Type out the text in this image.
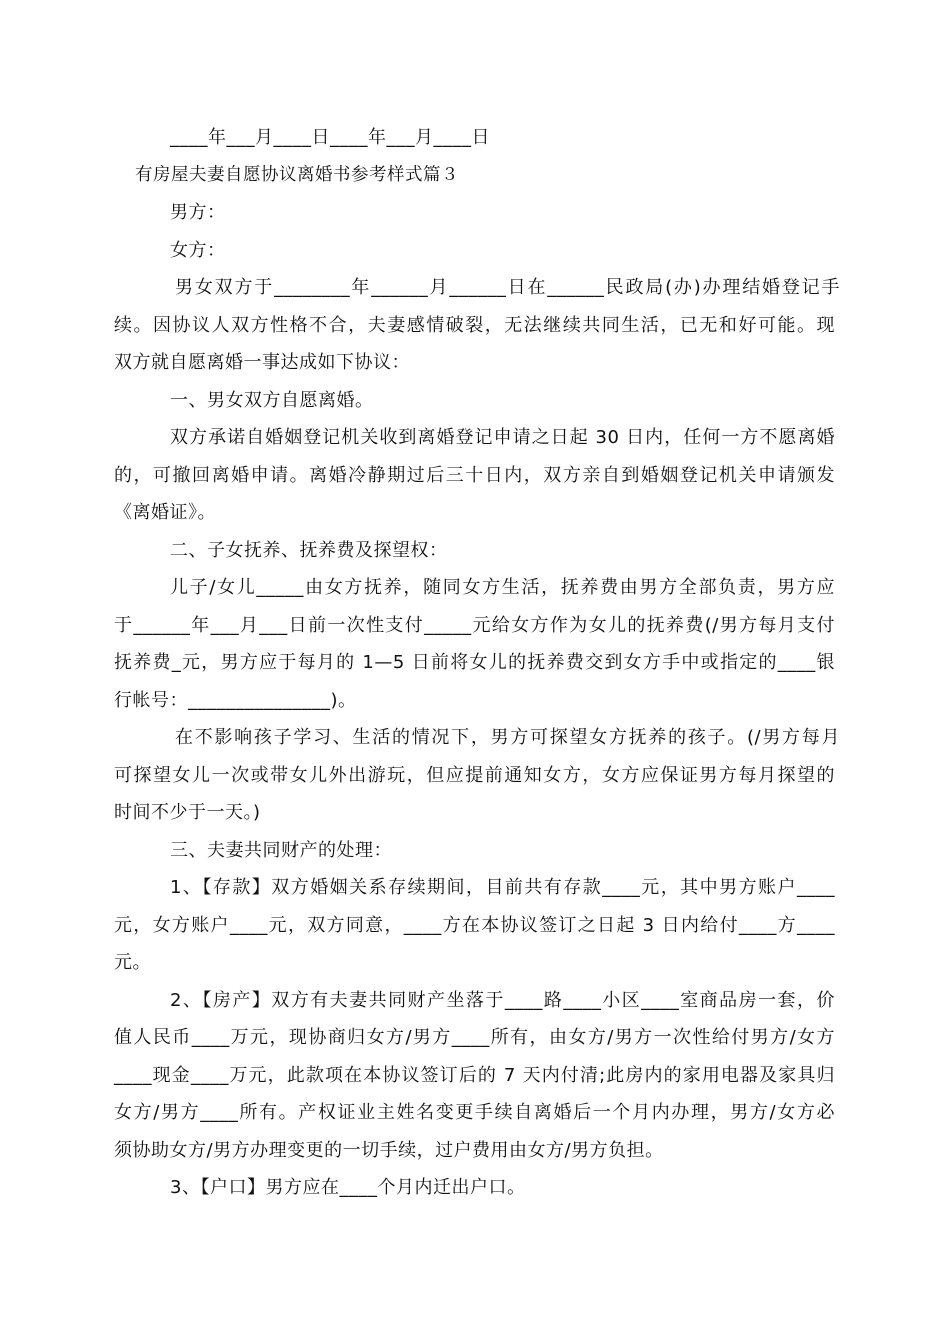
____年___月____日____年___月____日
有房屋夫妻自愿协议离婚书参考样式篇３
男方：
女方：
男女双方于________年______月______日在______民政局(办)办理结婚登记手
续。因协议人双方性格不合，夫妻感情破裂，无法继续共同生活，已无和好可能。现
双方就自愿离婚一事达成如下协议：
一、男女双方自愿离婚。
双方承诺自婚姻登记机关收到离婚登记申请之日起 30 日内，任何一方不愿离婚
的，可撤回离婚申请。离婚冷静期过后三十日内，双方亲自到婚姻登记机关申请颁发
《离婚证》。
二、子女抚养、抚养费及探望权：
儿子/女儿_____由女方抚养，随同女方生活，抚养费由男方全部负责，男方应
于______年___月___日前一次性支付_____元给女方作为女儿的抚养费(/男方每月支付
抚养费_元，男方应于每月的 1—5 日前将女儿的抚养费交到女方手中或指定的____银
行帐号：_______________)。
在不影响孩子学习、生活的情况下，男方可探望女方抚养的孩子。(/男方每月
可探望女儿一次或带女儿外出游玩，但应提前通知女方，女方应保证男方每月探望的
时间不少于一天。)
三、夫妻共同财产的处理：
1、【存款】双方婚姻关系存续期间，目前共有存款____元，其中男方账户____
元，女方账户____元，双方同意，____方在本协议签订之日起 3 日内给付____方____
元。
2、【房产】双方有夫妻共同财产坐落于____路____小区____室商品房一套，价
值人民币____万元，现协商归女方/男方____所有，由女方/男方一次性给付男方/女方
____现金____万元，此款项在本协议签订后的 7 天内付清;此房内的家用电器及家具归
女方/男方____所有。产权证业主姓名变更手续自离婚后一个月内办理，男方/女方必
须协助女方/男方办理变更的一切手续，过户费用由女方/男方负担。
3、【户口】男方应在____个月内迁出户口。
